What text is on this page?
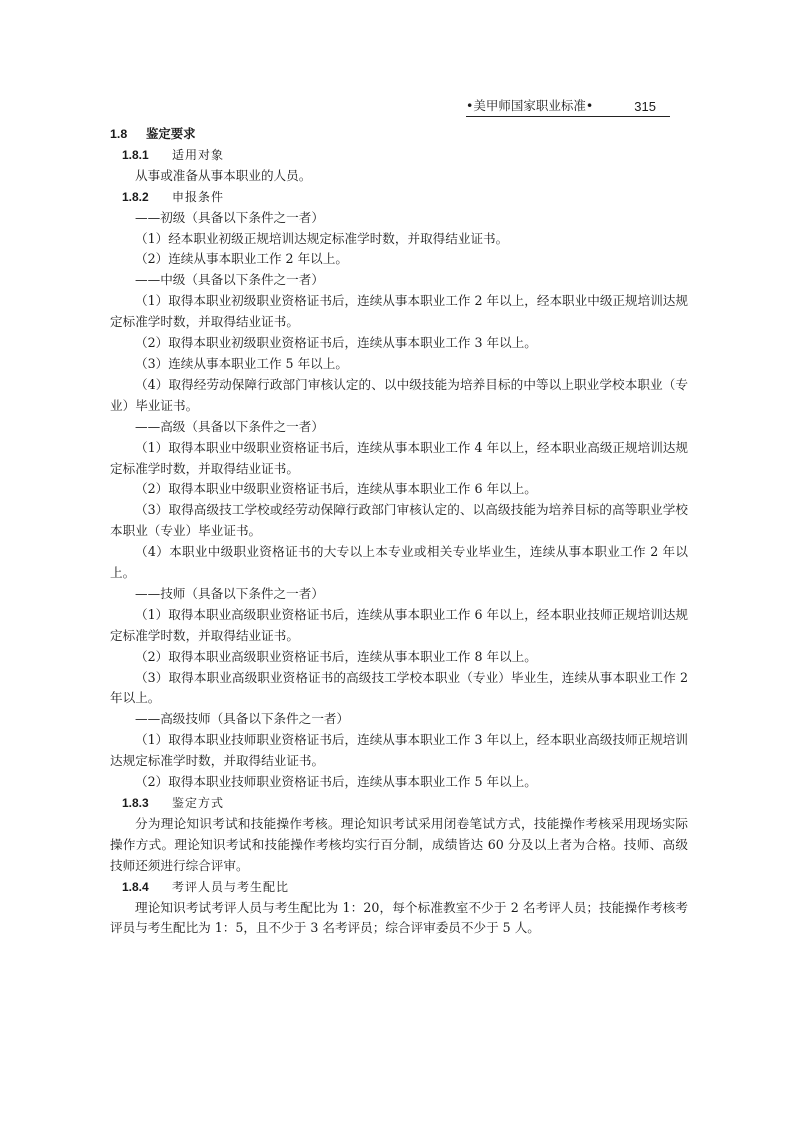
•美甲师国家职业标准•	315
1.8 鉴定要求
1.8.1 适用对象
从事或准备从事本职业的人员。
1.8.2 申报条件
——初级（具备以下条件之一者）
（1）经本职业初级正规培训达规定标准学时数，并取得结业证书。
（2）连续从事本职业工作 2 年以上。
——中级（具备以下条件之一者）
（1）取得本职业初级职业资格证书后，连续从事本职业工作 2 年以上，经本职业中级正规培训达规定标准学时数，并取得结业证书。
（2）取得本职业初级职业资格证书后，连续从事本职业工作 3 年以上。
（3）连续从事本职业工作 5 年以上。
（4）取得经劳动保障行政部门审核认定的、以中级技能为培养目标的中等以上职业学校本职业（专业）毕业证书。
——高级（具备以下条件之一者）
（1）取得本职业中级职业资格证书后，连续从事本职业工作 4 年以上，经本职业高级正规培训达规定标准学时数，并取得结业证书。
（2）取得本职业中级职业资格证书后，连续从事本职业工作 6 年以上。
（3）取得高级技工学校或经劳动保障行政部门审核认定的、以高级技能为培养目标的高等职业学校本职业（专业）毕业证书。
（4）本职业中级职业资格证书的大专以上本专业或相关专业毕业生，连续从事本职业工作 2 年以上。
——技师（具备以下条件之一者）
（1）取得本职业高级职业资格证书后，连续从事本职业工作 6 年以上，经本职业技师正规培训达规定标准学时数，并取得结业证书。
（2）取得本职业高级职业资格证书后，连续从事本职业工作 8 年以上。
（3）取得本职业高级职业资格证书的高级技工学校本职业（专业）毕业生，连续从事本职业工作 2 年以上。
——高级技师（具备以下条件之一者）
（1）取得本职业技师职业资格证书后，连续从事本职业工作 3 年以上，经本职业高级技师正规培训达规定标准学时数，并取得结业证书。
（2）取得本职业技师职业资格证书后，连续从事本职业工作 5 年以上。
1.8.3 鉴定方式
分为理论知识考试和技能操作考核。理论知识考试采用闭卷笔试方式，技能操作考核采用现场实际操作方式。理论知识考试和技能操作考核均实行百分制，成绩皆达 60 分及以上者为合格。技师、高级技师还须进行综合评审。
1.8.4 考评人员与考生配比
理论知识考试考评人员与考生配比为 1：20，每个标准教室不少于 2 名考评人员；技能操作考核考评员与考生配比为 1：5，且不少于 3 名考评员；综合评审委员不少于 5 人。
